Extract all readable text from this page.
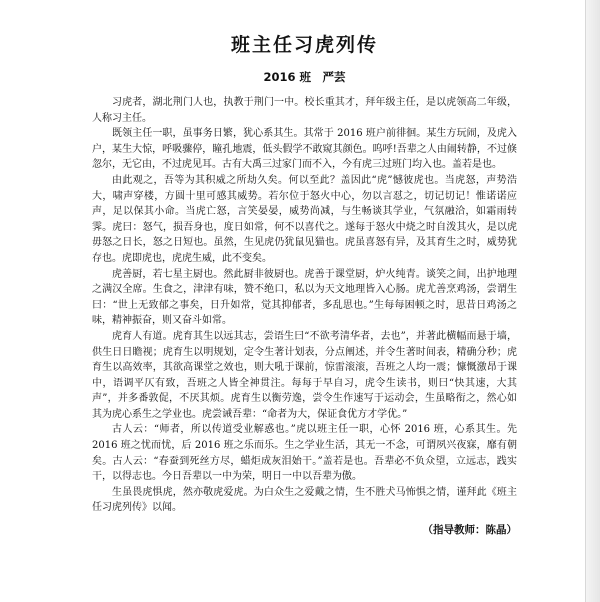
班主任习虎列传
2016 班　严芸

习虎者，湖北荆门人也，执教于荆门一中。校长重其才，拜年级主任，是以虎领高二年级，人称习主任。

既领主任一职，虽事务日繁，犹心系其生。其常于 2016 班户前徘徊。某生方玩闹，及虎入户，某生大惊，呼吸骤停，瞳孔地震，低头假学不敢窥其颜色。呜呼!吾辈之人由闹转静，不过倏忽尔，无它由，不过虎见耳。古有大禹三过家门而不入，今有虎三过班门均入也。盖若是也。

由此观之，吾等为其积威之所劫久矣。何以至此？盖因此“虎”憾彼虎也。当虎怒，声势浩大，啸声穿楼，方圆十里可感其威势。若尔位于怒火中心，勿以言怼之，切记切记！惟诺诺应声，足以保其小命。当虎亡怒，言笑晏晏，威势尚减，与生畅谈其学业，气氛融洽，如霜雨转霁。虎曰：怒气，损吾身也，度日如常，何不以喜代之。遂每于怒火中烧之时自泼其火，是以虎毋怒之日长，怒之日短也。虽然，生见虎仍犹鼠见猫也。虎虽喜怒有异，及其育生之时，威势犹存也。虎即虎也，虎虎生威，此不变矣。

虎善厨，若七星主厨也。然此厨非彼厨也。虎善于课堂厨，炉火纯青。谈笑之间，出护地理之满汉全席。生食之，津津有味，赞不绝口，私以为天文地理皆入心肠。虎尤善烹鸡汤，尝谓生曰：“世上无致郁之事矣，日升如常，觉其抑郁者，多乱思也。”生每每困顿之时，思昔日鸡汤之味，精神振奋，则又奋斗如常。

虎育人有道。虎育其生以远其志，尝语生曰“不欲考清华者，去也”，并著此横幅而悬于墙，供生日日瞻视；虎育生以明规划，定令生著计划表，分点阐述，并令生著时间表，精确分秒；虎育生以高效率，其欲高课堂之效也，则大吼于课前，惊雷滚滚，吾班之人均一震；慷慨激昂于课中，语调平仄有致，吾班之人皆全神贯注。每每于早自习，虎令生读书，则曰“快其速，大其声”，并多番敦促，不厌其烦。虎育生以衡劳逸，尝令生作速写于运动会，生虽略衔之，然心如其为虎心系生之学业也。虎尝诫吾辈：“命者为大，保证食优方才学优。”

古人云：“师者，所以传道受业解惑也。”虎以班主任一职，心怀 2016 班，心系其生。先 2016 班之忧而忧，后 2016 班之乐而乐。生之学业生活，其无一不念，可谓夙兴夜寐，靡有朝矣。古人云：“春蚕到死丝方尽，蜡炬成灰泪始干。”盖若是也。吾辈必不负众望，立远志，践实干，以得志也。今日吾辈以一中为荣，明日一中以吾辈为傲。

生虽畏虎惧虎，然亦敬虎爱虎。为白众生之爱戴之情，生不胜犬马怖惧之情，谨拜此《班主任习虎列传》以闻。

（指导教师：陈晶）
